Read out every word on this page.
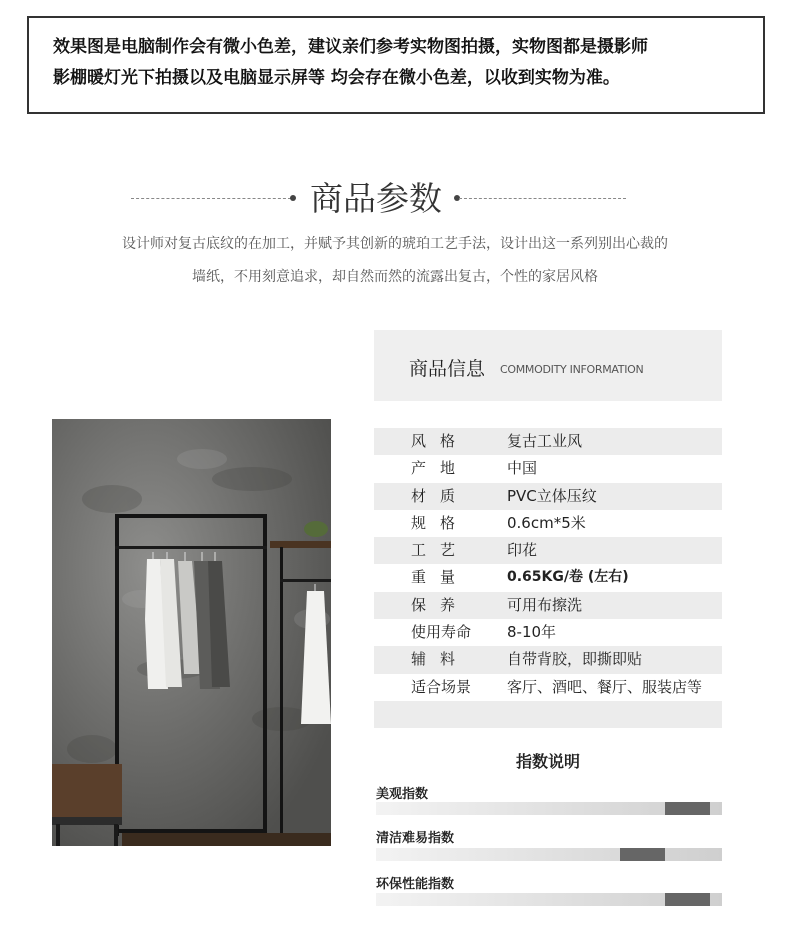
效果图是电脑制作会有微小色差，建议亲们参考实物图拍摄，实物图都是摄影师
影棚暖灯光下拍摄以及电脑显示屏等 均会存在微小色差，以收到实物为准。
商品参数
设计师对复古底纹的在加工，并赋予其创新的琥珀工艺手法，设计出这一系列别出心裁的
墙纸，不用刻意追求，却自然而然的流露出复古，个性的家居风格
商品信息 COMMODITY INFORMATION
风格	复古工业风
产地	中国
材质	PVC立体压纹
规格	0.6cm*5米
工艺	印花
重量	0.65KG/卷 (左右)
保养	可用布擦洗
使用寿命 8-10年
辅料	自带背胶，即撕即贴
适合场景 客厅、酒吧、餐厅、服装店等
指数说明
美观指数
清洁难易指数
环保性能指数
